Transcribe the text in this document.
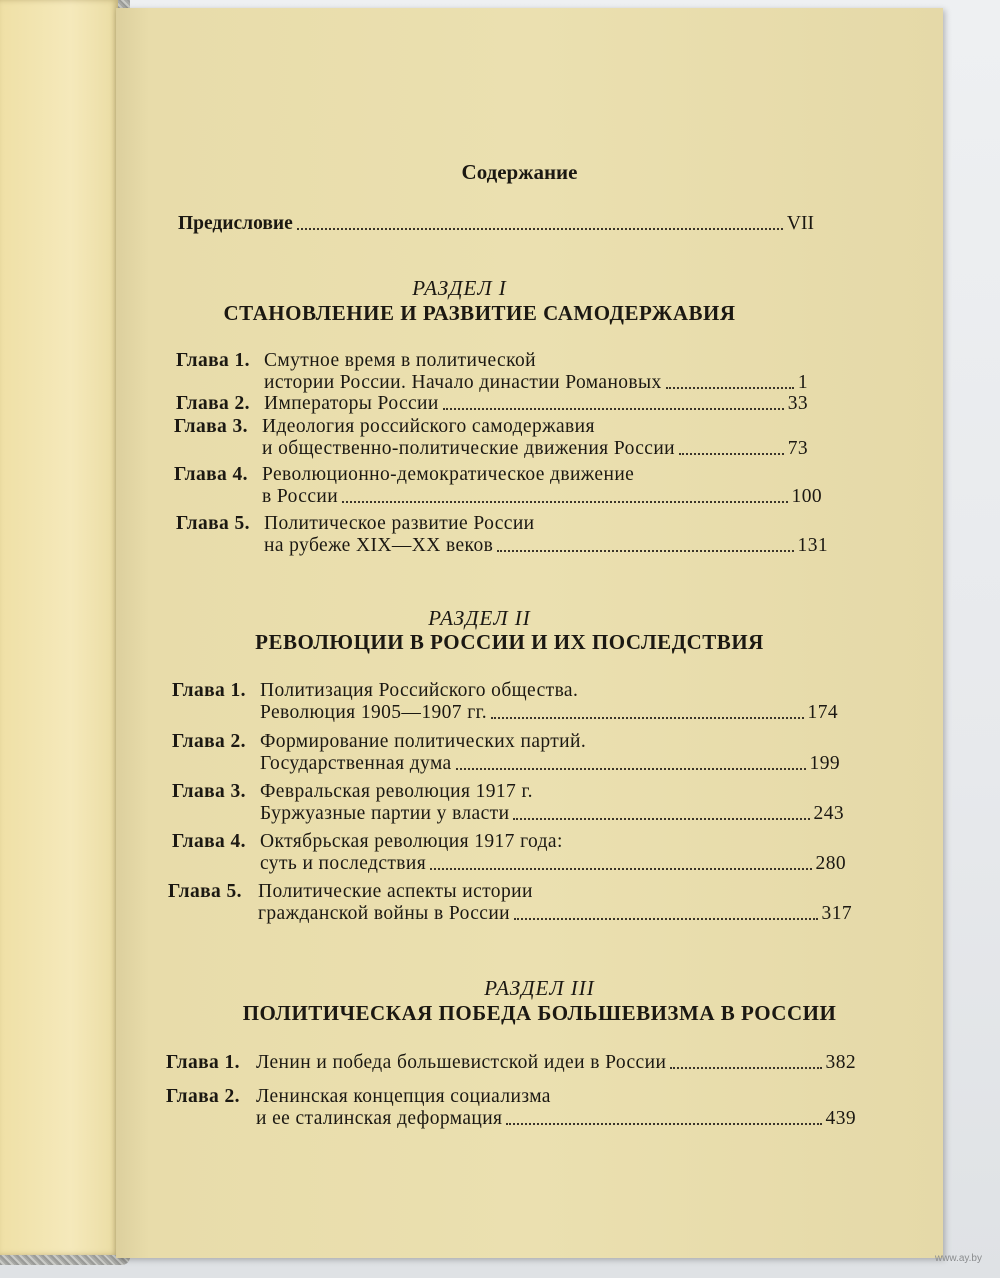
Содержание
Предисловие	VII
РАЗДЕЛ I
СТАНОВЛЕНИЕ И РАЗВИТИЕ САМОДЕРЖАВИЯ
Глава 1. Смутное время в политической
истории России. Начало династии Романовых	1
Глава 2. Императоры России	33
Глава 3. Идеология российского самодержавия
и общественно-политические движения России	73
Глава 4. Революционно-демократическое движение
в России	100
Глава 5. Политическое развитие России
на рубеже XIX—XX веков	131
РАЗДЕЛ II
РЕВОЛЮЦИИ В РОССИИ И ИХ ПОСЛЕДСТВИЯ
Глава 1. Политизация Российского общества.
Революция 1905—1907 гг.	174
Глава 2. Формирование политических партий.
Государственная дума	199
Глава 3. Февральская революция 1917 г.
Буржуазные партии у власти	243
Глава 4. Октябрьская революция 1917 года:
суть и последствия	280
Глава 5. Политические аспекты истории
гражданской войны в России	317
РАЗДЕЛ III
ПОЛИТИЧЕСКАЯ ПОБЕДА БОЛЬШЕВИЗМА В РОССИИ
Глава 1. Ленин и победа большевистской идеи в России	382
Глава 2. Ленинская концепция социализма
и ее сталинская деформация	439
www.ay.by
